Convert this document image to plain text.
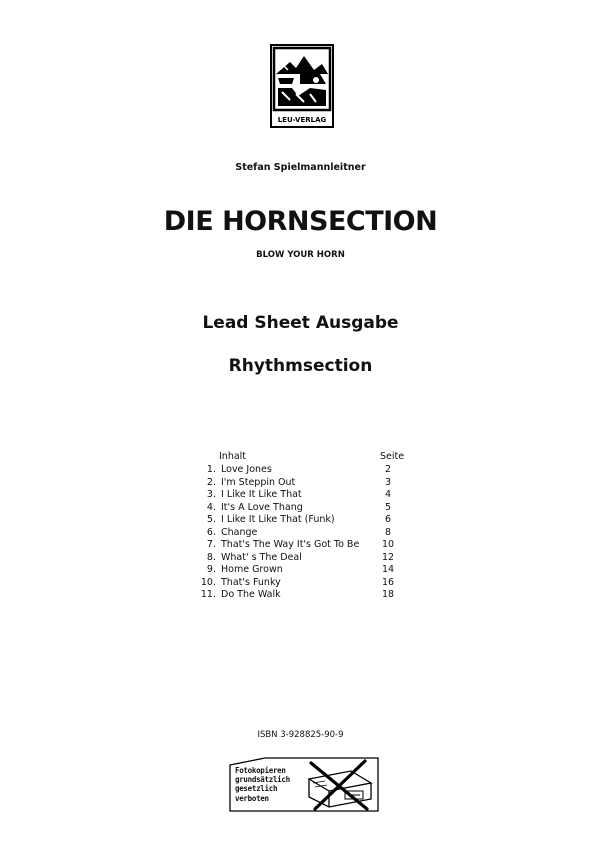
LEU-VERLAG
Stefan Spielmannleitner
DIE HORNSECTION
BLOW YOUR HORN
Lead Sheet Ausgabe
Rhythmsection
Inhalt	Seite
1. Love Jones	2
2. I'm Steppin Out	3
3. I Like It Like That	4
4. It's A Love Thang	5
5. I Like It Like That (Funk)	6
6. Change	8
7. That's The Way It's Got To Be	10
8. What' s The Deal	12
9. Home Grown	14
10. That's Funky	16
11. Do The Walk	18
ISBN 3-928825-90-9
Fotokopieren
grundsätzlich
gesetzlich
verboten
